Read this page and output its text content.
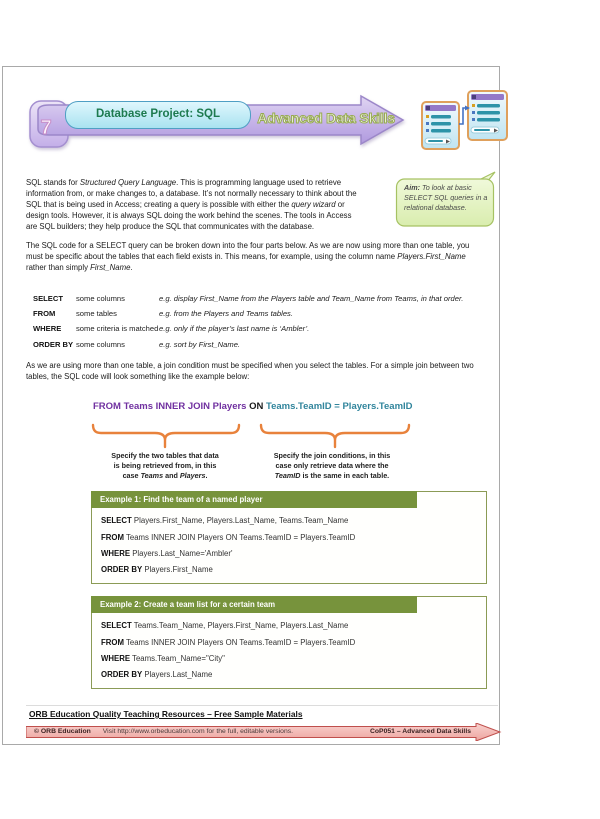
7
Database Project: SQL	Advanced Data Skills
SQL stands for Structured Query Language. This is programming language used to retrieve
information from, or make changes to, a database. It’s not normally necessary to think about the
SQL that is being used in Access; creating a query is possible with either the query wizard or
design tools. However, it is always SQL doing the work behind the scenes. The tools in Access
are SQL builders; they help produce the SQL that communicates with the database.
Aim: To look at basic SELECT SQL queries in a relational database.
The SQL code for a SELECT query can be broken down into the four parts below. As we are now using more than one table, you
must be specific about the tables that each field exists in. This means, for example, using the column name Players.First_Name
rather than simply First_Name.
SELECT some columns	e.g. display First_Name from the Players table and Team_Name from Teams, in that order.
FROM	some tables	e.g. from the Players and Teams tables.
WHERE some criteria is matched e.g. only if the player’s last name is ‘Ambler’.
ORDER BY some columns	e.g. sort by First_Name.
As we are using more than one table, a join condition must be specified when you select the tables. For a simple join between two
tables, the SQL code will look something like the example below:
FROM Teams INNER JOIN Players ON Teams.TeamID = Players.TeamID
Specify the two tables that data
is being retrieved from, in this
case Teams and Players.
Specify the join conditions, in this
case only retrieve data where the
TeamID is the same in each table.
Example 1: Find the team of a named player
SELECT Players.First_Name, Players.Last_Name, Teams.Team_Name
FROM Teams INNER JOIN Players ON Teams.TeamID = Players.TeamID
WHERE Players.Last_Name='Ambler'
ORDER BY Players.First_Name
Example 2: Create a team list for a certain team
SELECT Teams.Team_Name, Players.First_Name, Players.Last_Name
FROM Teams INNER JOIN Players ON Teams.TeamID = Players.TeamID
WHERE Teams.Team_Name="City"
ORDER BY Players.Last_Name
ORB Education Quality Teaching Resources – Free Sample Materials
© ORB Education Visit http://www.orbeducation.com for the full, editable versions.	CoP051 – Advanced Data Skills
